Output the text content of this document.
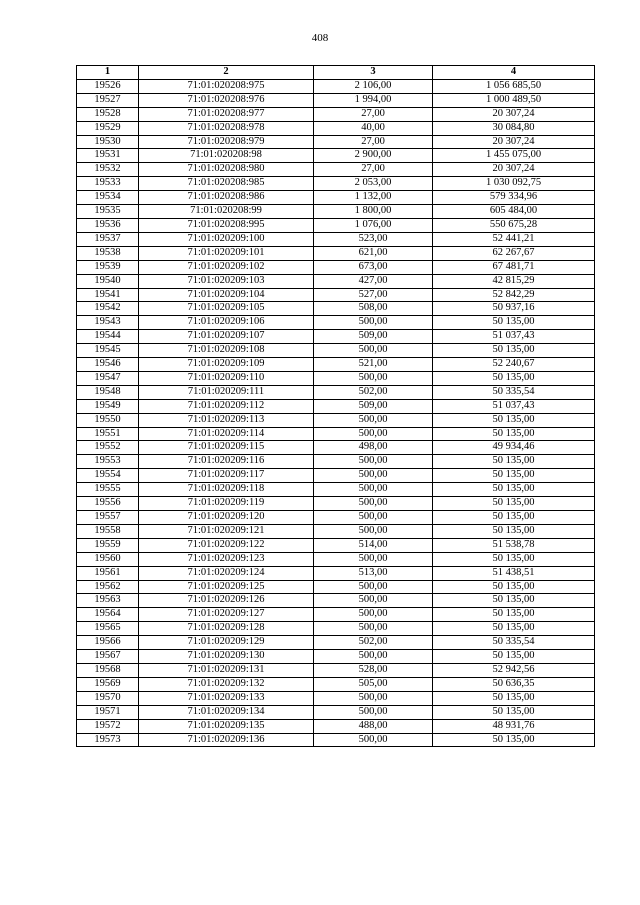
408
1	2	3	4
19526	71:01:020208:975	2 106,00	1 056 685,50
19527	71:01:020208:976	1 994,00	1 000 489,50
19528	71:01:020208:977	27,00	20 307,24
19529	71:01:020208:978	40,00	30 084,80
19530	71:01:020208:979	27,00	20 307,24
19531	71:01:020208:98	2 900,00	1 455 075,00
19532	71:01:020208:980	27,00	20 307,24
19533	71:01:020208:985	2 053,00	1 030 092,75
19534	71:01:020208:986	1 132,00	579 334,96
19535	71:01:020208:99	1 800,00	605 484,00
19536	71:01:020208:995	1 076,00	550 675,28
19537	71:01:020209:100	523,00	52 441,21
19538	71:01:020209:101	621,00	62 267,67
19539	71:01:020209:102	673,00	67 481,71
19540	71:01:020209:103	427,00	42 815,29
19541	71:01:020209:104	527,00	52 842,29
19542	71:01:020209:105	508,00	50 937,16
19543	71:01:020209:106	500,00	50 135,00
19544	71:01:020209:107	509,00	51 037,43
19545	71:01:020209:108	500,00	50 135,00
19546	71:01:020209:109	521,00	52 240,67
19547	71:01:020209:110	500,00	50 135,00
19548	71:01:020209:111	502,00	50 335,54
19549	71:01:020209:112	509,00	51 037,43
19550	71:01:020209:113	500,00	50 135,00
19551	71:01:020209:114	500,00	50 135,00
19552	71:01:020209:115	498,00	49 934,46
19553	71:01:020209:116	500,00	50 135,00
19554	71:01:020209:117	500,00	50 135,00
19555	71:01:020209:118	500,00	50 135,00
19556	71:01:020209:119	500,00	50 135,00
19557	71:01:020209:120	500,00	50 135,00
19558	71:01:020209:121	500,00	50 135,00
19559	71:01:020209:122	514,00	51 538,78
19560	71:01:020209:123	500,00	50 135,00
19561	71:01:020209:124	513,00	51 438,51
19562	71:01:020209:125	500,00	50 135,00
19563	71:01:020209:126	500,00	50 135,00
19564	71:01:020209:127	500,00	50 135,00
19565	71:01:020209:128	500,00	50 135,00
19566	71:01:020209:129	502,00	50 335,54
19567	71:01:020209:130	500,00	50 135,00
19568	71:01:020209:131	528,00	52 942,56
19569	71:01:020209:132	505,00	50 636,35
19570	71:01:020209:133	500,00	50 135,00
19571	71:01:020209:134	500,00	50 135,00
19572	71:01:020209:135	488,00	48 931,76
19573	71:01:020209:136	500,00	50 135,00
